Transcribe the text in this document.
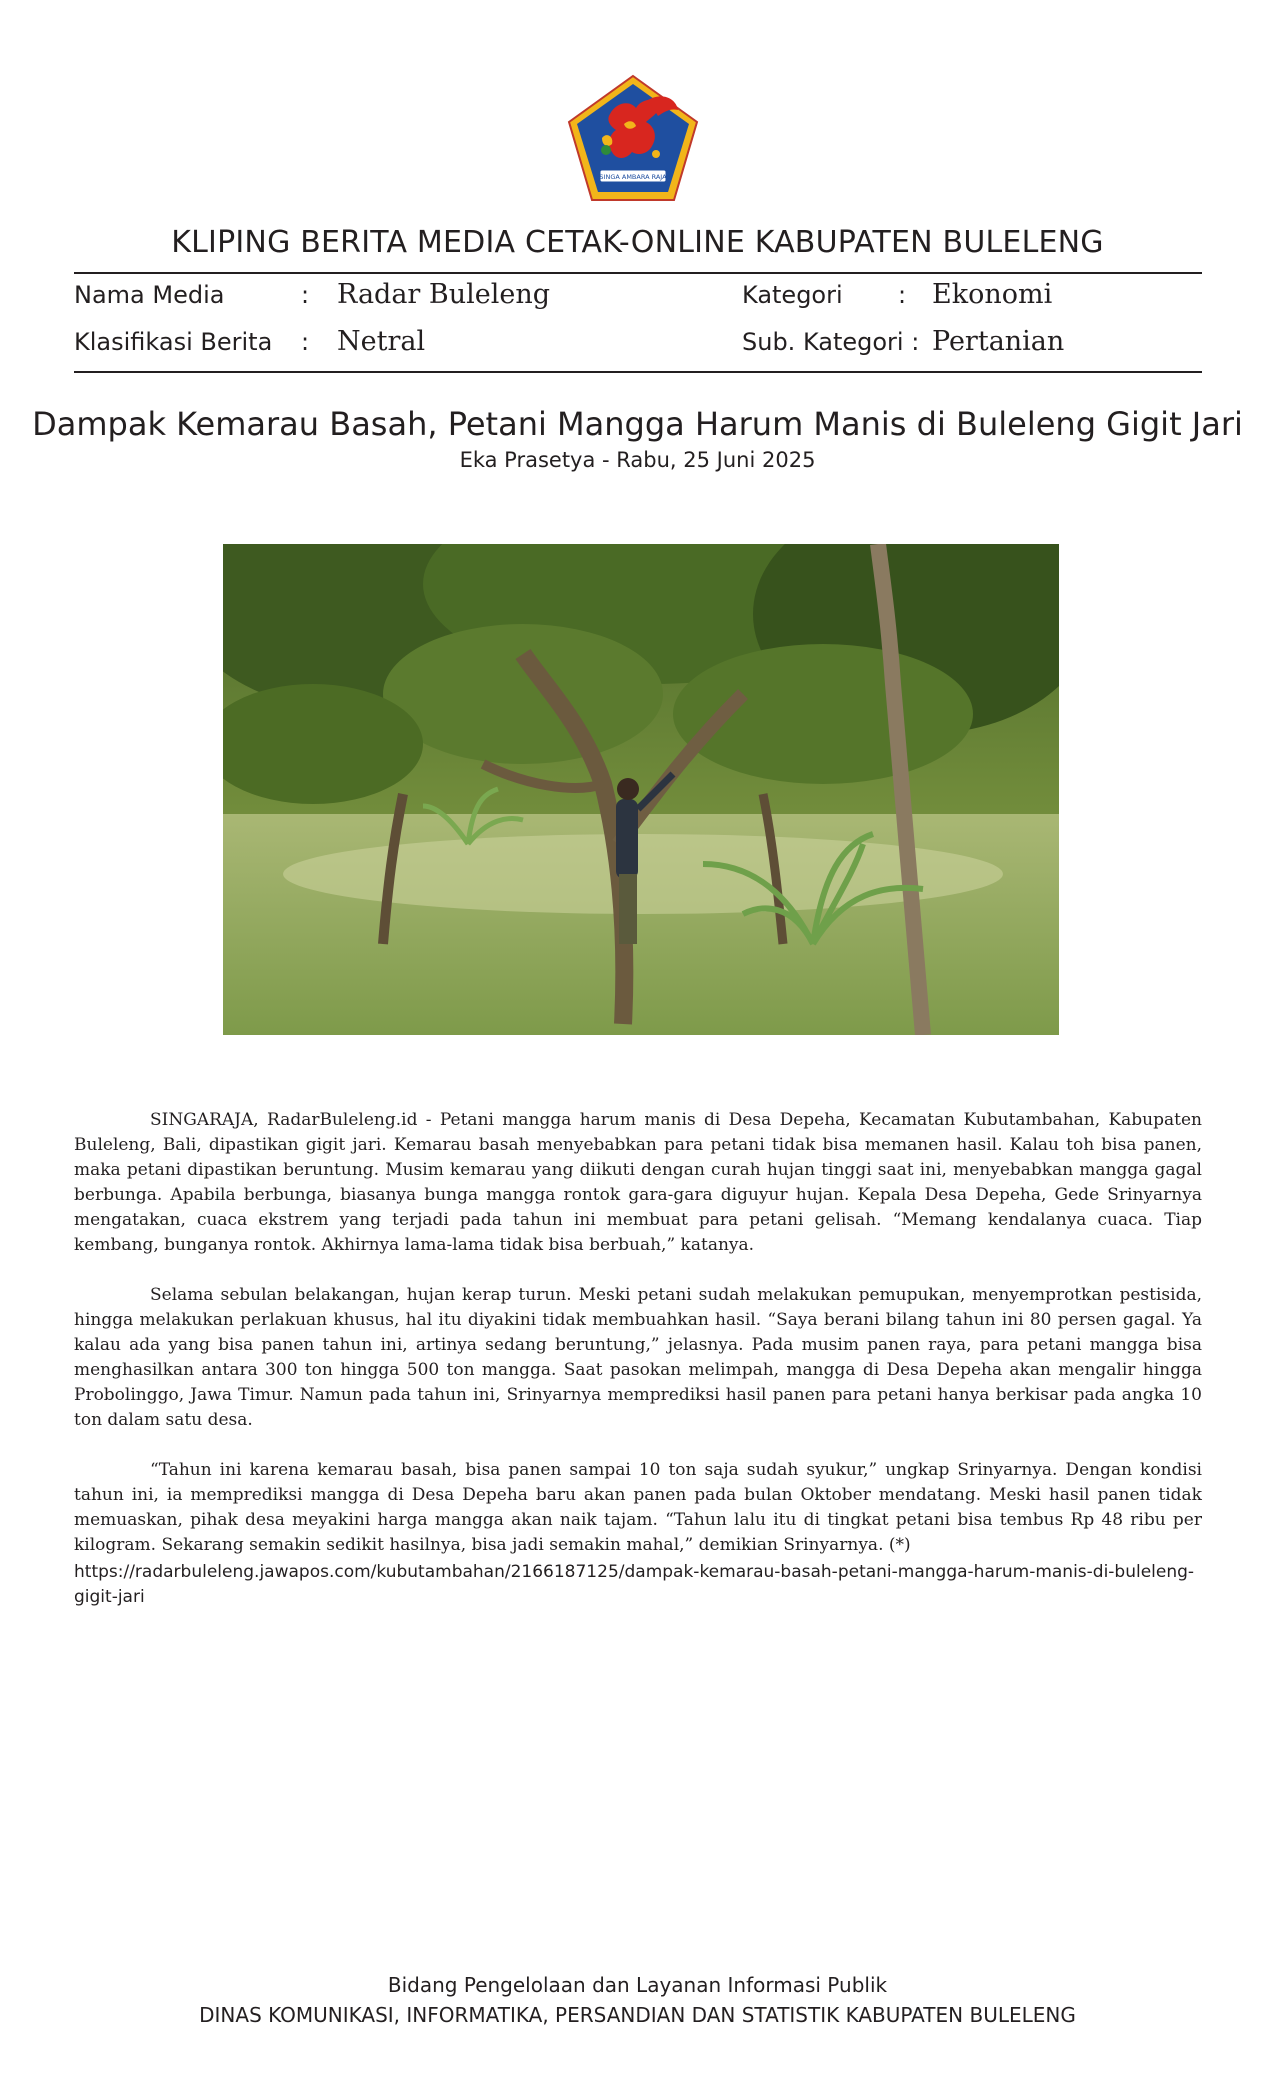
SINGA AMBARA RAJA
KLIPING BERITA MEDIA CETAK-ONLINE KABUPATEN BULELENG
Nama Media	: Radar Buleleng	Kategori : Ekonomi
Klasifikasi Berita : Netral	Sub. Kategori : Pertanian
Dampak Kemarau Basah, Petani Mangga Harum Manis di Buleleng Gigit Jari
Eka Prasetya - Rabu, 25 Juni 2025

SINGARAJA, RadarBuleleng.id - Petani mangga harum manis di Desa Depeha, Kecamatan Kubutambahan, Kabupaten Buleleng, Bali, dipastikan gigit jari. Kemarau basah menyebabkan para petani tidak bisa memanen hasil. Kalau toh bisa panen, maka petani dipastikan beruntung. Musim kemarau yang diikuti dengan curah hujan tinggi saat ini, menyebabkan mangga gagal berbunga. Apabila berbunga, biasanya bunga mangga rontok gara-gara diguyur hujan. Kepala Desa Depeha, Gede Srinyarnya mengatakan, cuaca ekstrem yang terjadi pada tahun ini membuat para petani gelisah. “Memang kendalanya cuaca. Tiap kembang, bunganya rontok. Akhirnya lama-lama tidak bisa berbuah,” katanya.

Selama sebulan belakangan, hujan kerap turun. Meski petani sudah melakukan pemupukan, menyemprotkan pestisida, hingga melakukan perlakuan khusus, hal itu diyakini tidak membuahkan hasil. “Saya berani bilang tahun ini 80 persen gagal. Ya kalau ada yang bisa panen tahun ini, artinya sedang beruntung,” jelasnya. Pada musim panen raya, para petani mangga bisa menghasilkan antara 300 ton hingga 500 ton mangga. Saat pasokan melimpah, mangga di Desa Depeha akan mengalir hingga Probolinggo, Jawa Timur. Namun pada tahun ini, Srinyarnya memprediksi hasil panen para petani hanya berkisar pada angka 10 ton dalam satu desa.

“Tahun ini karena kemarau basah, bisa panen sampai 10 ton saja sudah syukur,” ungkap Srinyarnya. Dengan kondisi tahun ini, ia memprediksi mangga di Desa Depeha baru akan panen pada bulan Oktober mendatang. Meski hasil panen tidak memuaskan, pihak desa meyakini harga mangga akan naik tajam. “Tahun lalu itu di tingkat petani bisa tembus Rp 48 ribu per kilogram. Sekarang semakin sedikit hasilnya, bisa jadi semakin mahal,” demikian Srinyarnya. (*)

https://radarbuleleng.jawapos.com/kubutambahan/2166187125/dampak-kemarau-basah-petani-mangga-harum-manis-di-buleleng-gigit-jari
Bidang Pengelolaan dan Layanan Informasi Publik
DINAS KOMUNIKASI, INFORMATIKA, PERSANDIAN DAN STATISTIK KABUPATEN BULELENG
